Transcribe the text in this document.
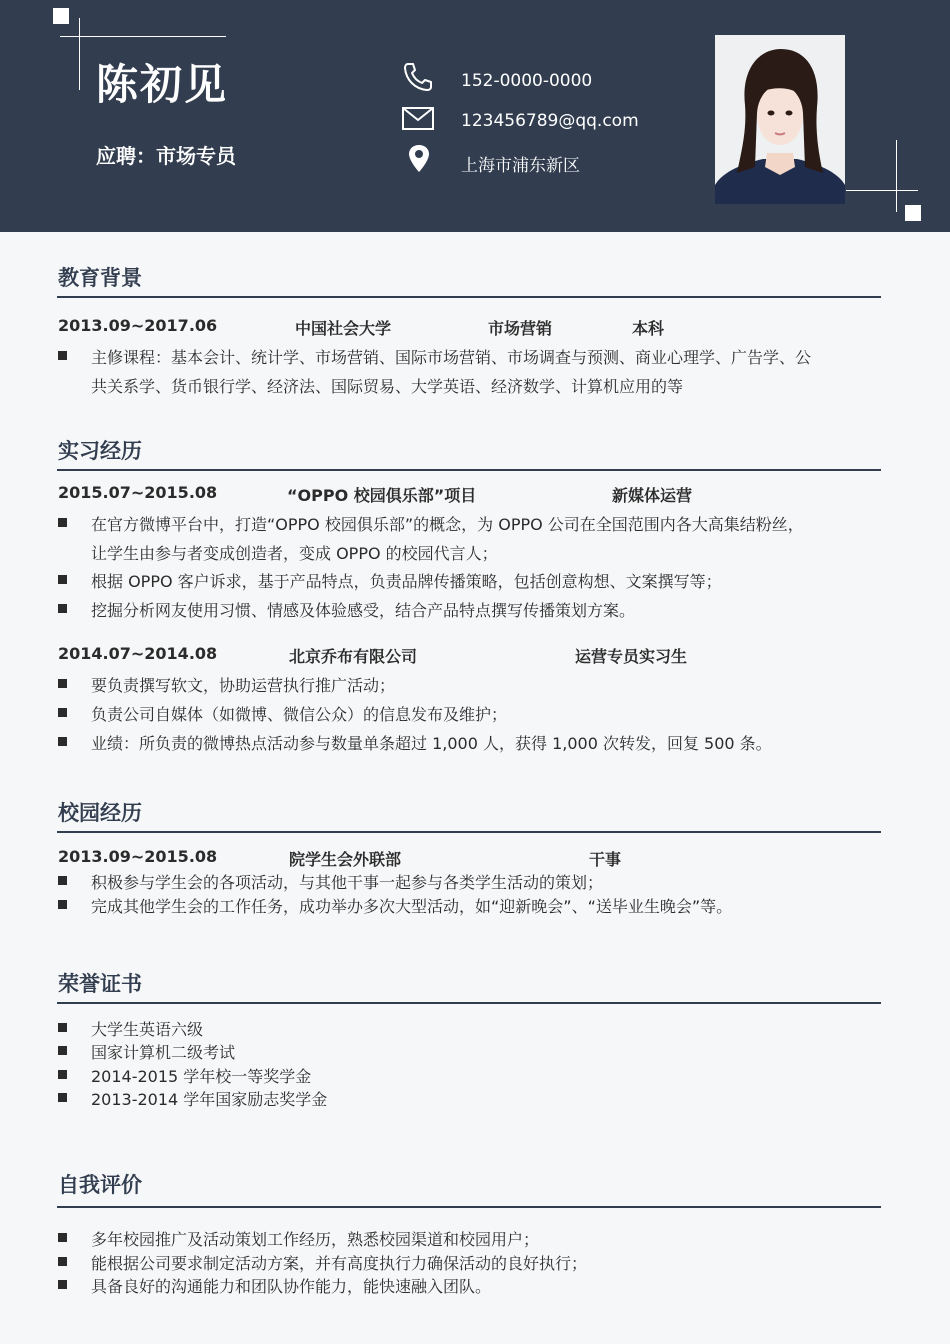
陈初见
应聘：市场专员
152-0000-0000
123456789@qq.com
上海市浦东新区
教育背景
2013.09~2017.06	中国社会大学	市场营销	本科
主修课程：基本会计、统计学、市场营销、国际市场营销、市场调查与预测、商业心理学、广告学、公
共关系学、货币银行学、经济法、国际贸易、大学英语、经济数学、计算机应用的等
实习经历
2015.07~2015.08	“OPPO 校园俱乐部”项目	新媒体运营
在官方微博平台中，打造“OPPO 校园俱乐部”的概念，为 OPPO 公司在全国范围内各大高集结粉丝，
让学生由参与者变成创造者，变成 OPPO 的校园代言人；
根据 OPPO 客户诉求，基于产品特点，负责品牌传播策略，包括创意构想、文案撰写等；
挖掘分析网友使用习惯、情感及体验感受，结合产品特点撰写传播策划方案。
2014.07~2014.08	北京乔布有限公司	运营专员实习生
要负责撰写软文，协助运营执行推广活动；
负责公司自媒体（如微博、微信公众）的信息发布及维护；
业绩：所负责的微博热点活动参与数量单条超过 1,000 人，获得 1,000 次转发，回复 500 条。
校园经历
2013.09~2015.08	院学生会外联部	干事
积极参与学生会的各项活动，与其他干事一起参与各类学生活动的策划；
完成其他学生会的工作任务，成功举办多次大型活动，如“迎新晚会”、“送毕业生晚会”等。
荣誉证书
大学生英语六级
国家计算机二级考试
2014-2015 学年校一等奖学金
2013-2014 学年国家励志奖学金
自我评价
多年校园推广及活动策划工作经历，熟悉校园渠道和校园用户；
能根据公司要求制定活动方案，并有高度执行力确保活动的良好执行；
具备良好的沟通能力和团队协作能力，能快速融入团队。
